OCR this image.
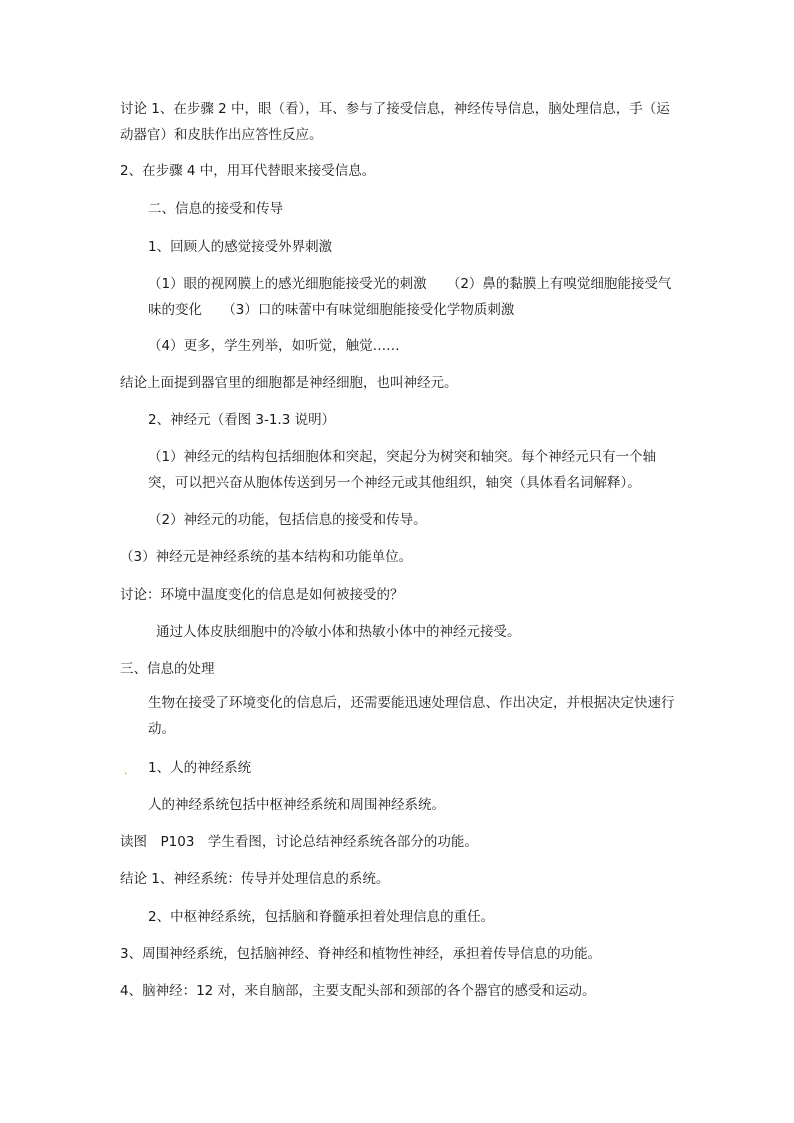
讨论 1、在步骤 2 中，眼（看），耳、参与了接受信息，神经传导信息，脑处理信息，手（运动器官）和皮肤作出应答性反应。

2、在步骤 4 中，用耳代替眼来接受信息。

二、信息的接受和传导

1、回顾人的感觉接受外界刺激

（1）眼的视网膜上的感光细胞能接受光的刺激　　（2）鼻的黏膜上有嗅觉细胞能接受气味的变化　　（3）口的味蕾中有味觉细胞能接受化学物质刺激

（4）更多，学生列举，如听觉，触觉……

结论上面提到器官里的细胞都是神经细胞，也叫神经元。

2、神经元（看图 3-1.3 说明）

（1）神经元的结构包括细胞体和突起，突起分为树突和轴突。每个神经元只有一个轴突，可以把兴奋从胞体传送到另一个神经元或其他组织，轴突（具体看名词解释）。

（2）神经元的功能，包括信息的接受和传导。

（3）神经元是神经系统的基本结构和功能单位。

讨论：环境中温度变化的信息是如何被接受的？

通过人体皮肤细胞中的冷敏小体和热敏小体中的神经元接受。

三、信息的处理

生物在接受了环境变化的信息后，还需要能迅速处理信息、作出决定，并根据决定快速行动。

. 1、人的神经系统

人的神经系统包括中枢神经系统和周围神经系统。

读图　P103　学生看图，讨论总结神经系统各部分的功能。

结论 1、神经系统：传导并处理信息的系统。

2、中枢神经系统，包括脑和脊髓承担着处理信息的重任。

3、周围神经系统，包括脑神经、脊神经和植物性神经，承担着传导信息的功能。

4、脑神经：12 对，来自脑部，主要支配头部和颈部的各个器官的感受和运动。
